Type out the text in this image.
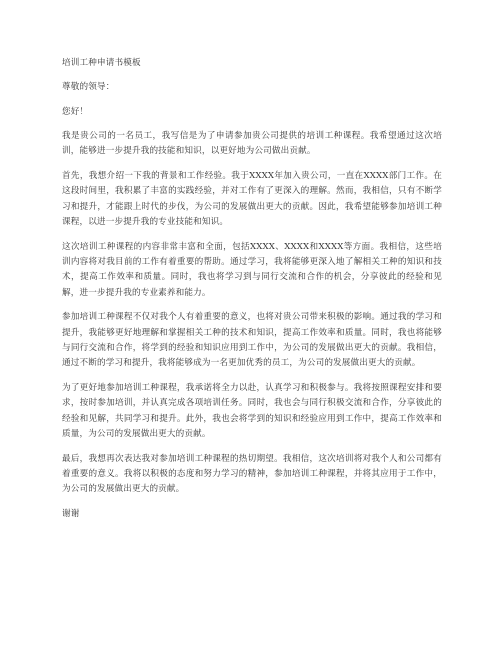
培训工种申请书模板

尊敬的领导：

您好！

我是贵公司的一名员工，我写信是为了申请参加贵公司提供的培训工种课程。我希望通过这次培训，能够进一步提升我的技能和知识，以更好地为公司做出贡献。

首先，我想介绍一下我的背景和工作经验。我于XXXX年加入贵公司，一直在XXXX部门工作。在这段时间里，我积累了丰富的实践经验，并对工作有了更深入的理解。然而，我相信，只有不断学习和提升，才能跟上时代的步伐，为公司的发展做出更大的贡献。因此，我希望能够参加培训工种课程，以进一步提升我的专业技能和知识。

这次培训工种课程的内容非常丰富和全面，包括XXXX、XXXX和XXXX等方面。我相信，这些培训内容将对我目前的工作有着重要的帮助。通过学习，我将能够更深入地了解相关工种的知识和技术，提高工作效率和质量。同时，我也将学习到与同行交流和合作的机会，分享彼此的经验和见解，进一步提升我的专业素养和能力。

参加培训工种课程不仅对我个人有着重要的意义，也将对贵公司带来积极的影响。通过我的学习和提升，我能够更好地理解和掌握相关工种的技术和知识，提高工作效率和质量。同时，我也将能够与同行交流和合作，将学到的经验和知识应用到工作中，为公司的发展做出更大的贡献。我相信，通过不断的学习和提升，我将能够成为一名更加优秀的员工，为公司的发展做出更大的贡献。

为了更好地参加培训工种课程，我承诺将全力以赴，认真学习和积极参与。我将按照课程安排和要求，按时参加培训，并认真完成各项培训任务。同时，我也会与同行积极交流和合作，分享彼此的经验和见解，共同学习和提升。此外，我也会将学到的知识和经验应用到工作中，提高工作效率和质量，为公司的发展做出更大的贡献。

最后，我想再次表达我对参加培训工种课程的热切期望。我相信，这次培训将对我个人和公司都有着重要的意义。我将以积极的态度和努力学习的精神，参加培训工种课程，并将其应用于工作中，为公司的发展做出更大的贡献。

谢谢
